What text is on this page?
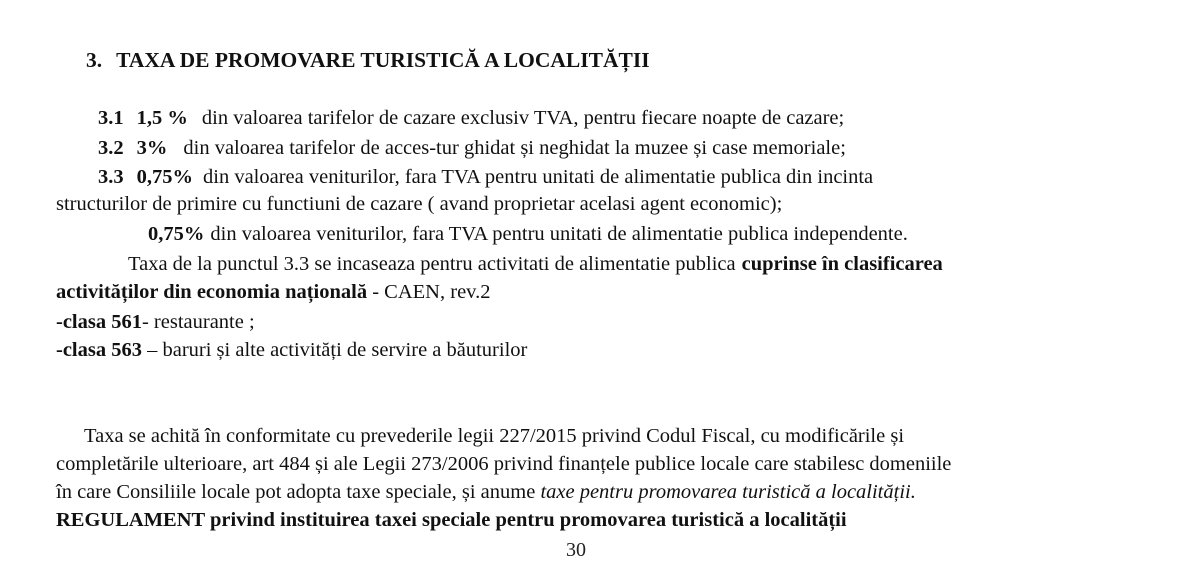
3. TAXA DE PROMOVARE TURISTICĂ A LOCALITĂȚII
3.1 1,5 % din valoarea tarifelor de cazare exclusiv TVA, pentru fiecare noapte de cazare;
3.2 3% din valoarea tarifelor de acces-tur ghidat și neghidat la muzee și case memoriale;
3.3 0,75% din valoarea veniturilor, fara TVA pentru unitati de alimentatie publica din incinta
structurilor de primire cu functiuni de cazare ( avand proprietar acelasi agent economic);
0,75% din valoarea veniturilor, fara TVA pentru unitati de alimentatie publica independente.
Taxa de la punctul 3.3 se incaseaza pentru activitati de alimentatie publica cuprinse în clasificarea
activităților din economia națională - CAEN, rev.2
-clasa 561- restaurante ;
-clasa 563 – baruri și alte activități de servire a băuturilor
Taxa se achită în conformitate cu prevederile legii 227/2015 privind Codul Fiscal, cu modificările și
completările ulterioare, art 484 și ale Legii 273/2006 privind finanțele publice locale care stabilesc domeniile
în care Consiliile locale pot adopta taxe speciale, și anume taxe pentru promovarea turistică a localității.
REGULAMENT privind instituirea taxei speciale pentru promovarea turistică a localității
30
